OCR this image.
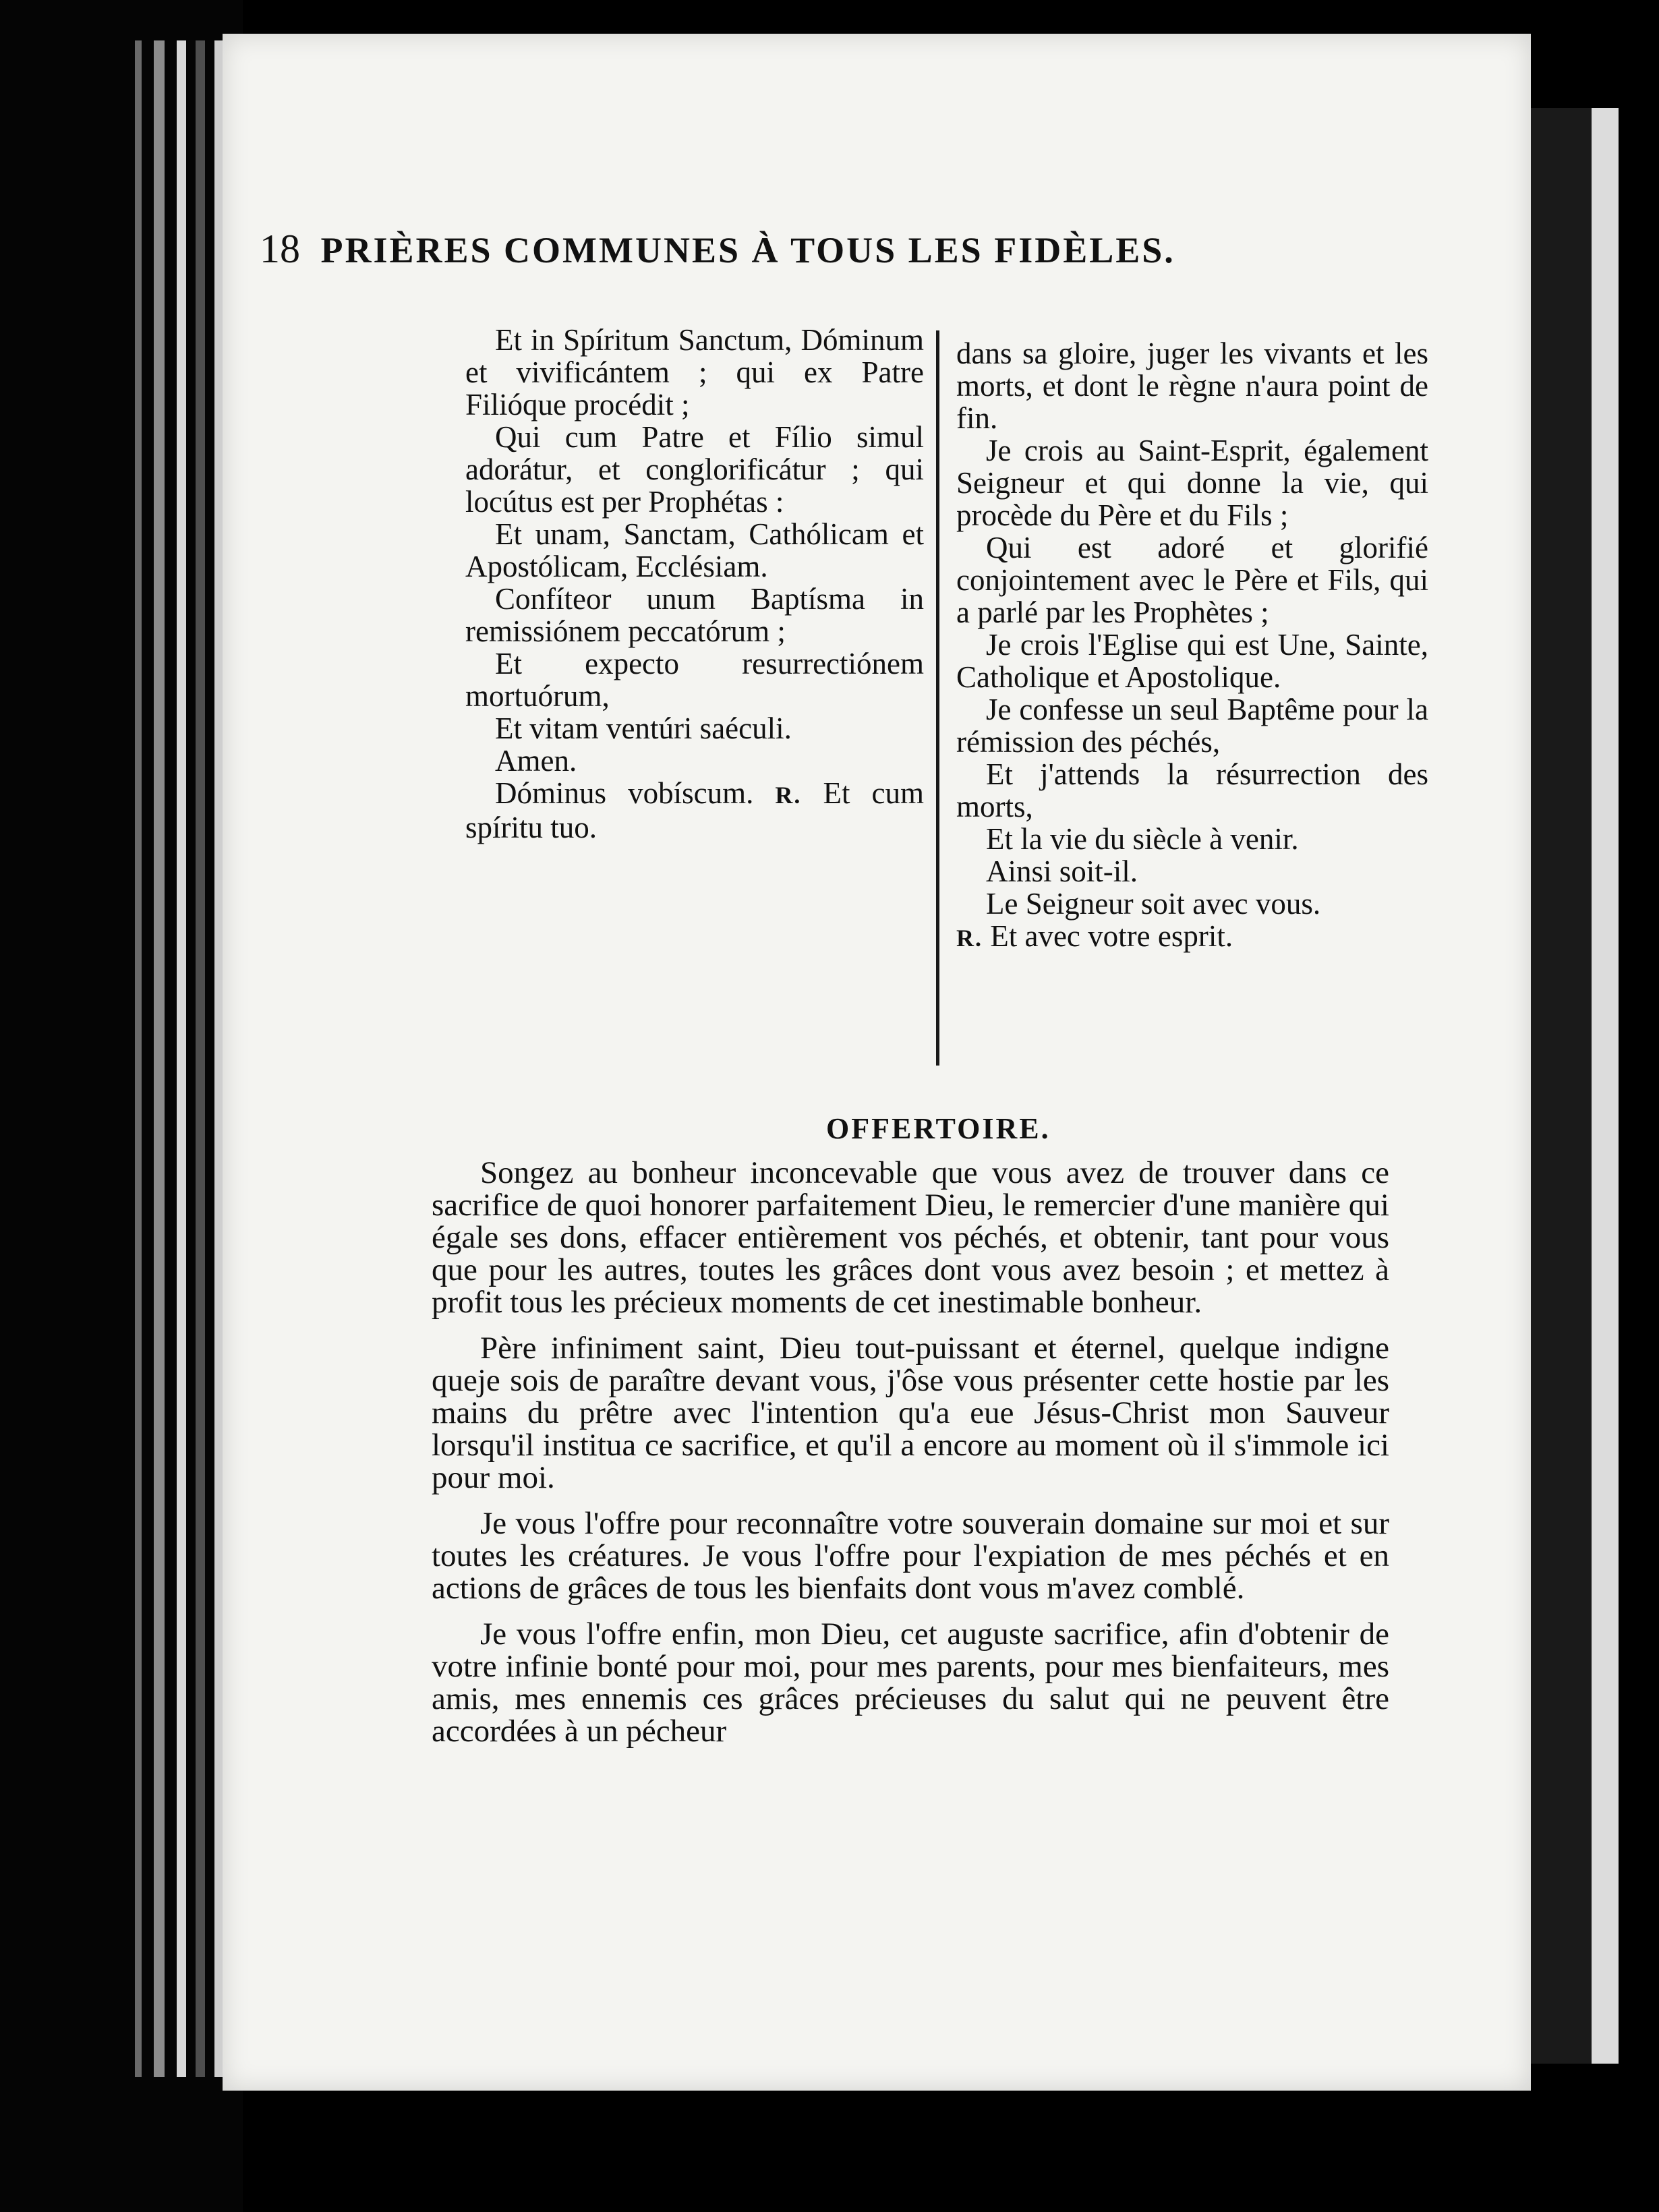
18 PRIÈRES COMMUNES À TOUS LES FIDÈLES.

Et in Spíritum Sanctum, Dóminum et vivificántem ; qui ex Patre Filióque procédit ;

Qui cum Patre et Fílio simul adorátur, et conglorificátur ; qui locútus est per Prophétas :

Et unam, Sanctam, Cathólicam et Apostólicam, Ecclésiam.

Confíteor unum Baptísma in remissiónem peccatórum ;

Et expecto resurrectiónem mortuórum,

Et vitam ventúri saéculi.

Amen.

Dóminus vobíscum. R. Et cum spíritu tuo.

dans sa gloire, juger les vivants et les morts, et dont le règne n'aura point de fin.

Je crois au Saint-Esprit, également Seigneur et qui donne la vie, qui procède du Père et du Fils ;

Qui est adoré et glorifié conjointement avec le Père et Fils, qui a parlé par les Prophètes ;

Je crois l'Eglise qui est Une, Sainte, Catholique et Apostolique.

Je confesse un seul Baptême pour la rémission des péchés,

Et j'attends la résurrection des morts,

Et la vie du siècle à venir.

Ainsi soit-il.

Le Seigneur soit avec vous.

R. Et avec votre esprit.

OFFERTOIRE.

Songez au bonheur inconcevable que vous avez de trouver dans ce sacrifice de quoi honorer parfaitement Dieu, le remercier d'une manière qui égale ses dons, effacer entièrement vos péchés, et obtenir, tant pour vous que pour les autres, toutes les grâces dont vous avez besoin ; et mettez à profit tous les précieux moments de cet inestimable bonheur.

Père infiniment saint, Dieu tout-puissant et éternel, quelque indigne queje sois de paraître devant vous, j'ôse vous présenter cette hostie par les mains du prêtre avec l'intention qu'a eue Jésus-Christ mon Sauveur lorsqu'il institua ce sacrifice, et qu'il a encore au moment où il s'immole ici pour moi.

Je vous l'offre pour reconnaître votre souverain domaine sur moi et sur toutes les créatures. Je vous l'offre pour l'expiation de mes péchés et en actions de grâces de tous les bienfaits dont vous m'avez comblé.

Je vous l'offre enfin, mon Dieu, cet auguste sacrifice, afin d'obtenir de votre infinie bonté pour moi, pour mes parents, pour mes bienfaiteurs, mes amis, mes ennemis ces grâces précieuses du salut qui ne peuvent être accordées à un pécheur
